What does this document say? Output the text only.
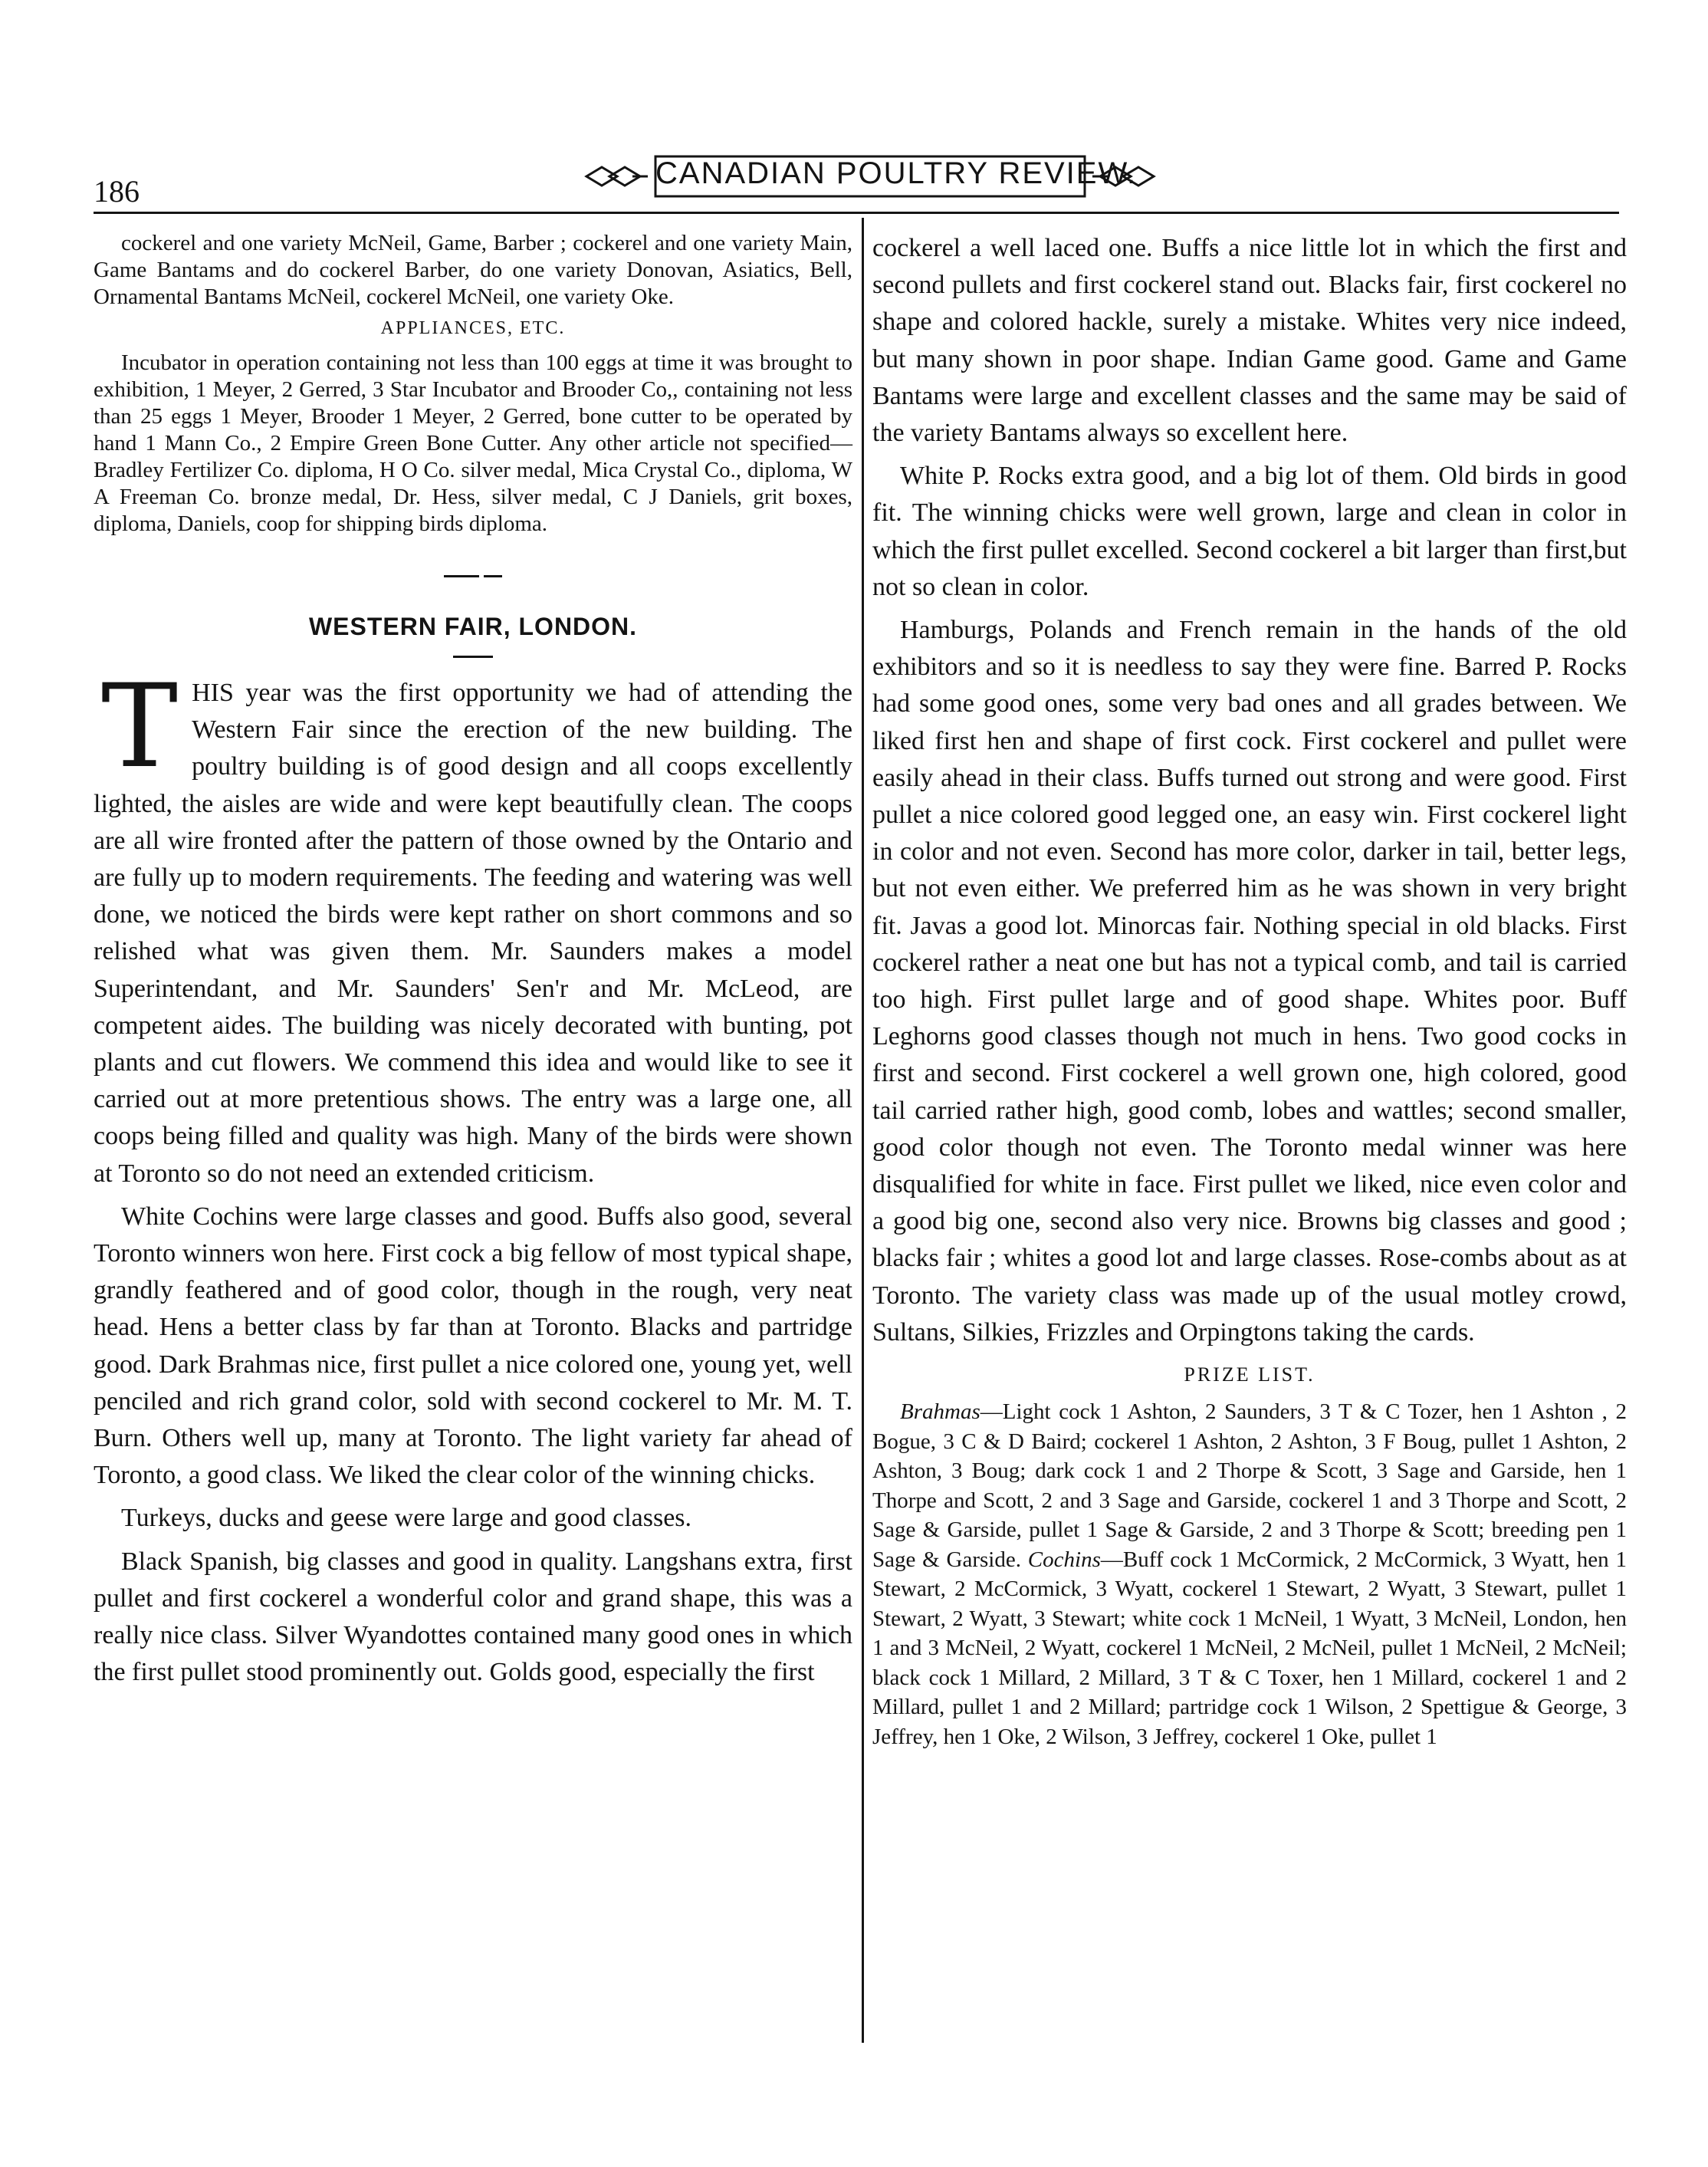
186
CANADIAN POULTRY REVIEW.

cockerel and one variety McNeil, Game, Barber ; cockerel and one variety Main, Game Bantams and do cockerel Barber, do one variety Donovan, Asiatics, Bell, Ornamental Bantams McNeil, cockerel McNeil, one variety Oke.

APPLIANCES, ETC.

Incubator in operation containing not less than 100 eggs at time it was brought to exhibition, 1 Meyer, 2 Gerred, 3 Star Incubator and Brooder Co,, containing not less than 25 eggs 1 Meyer, Brooder 1 Meyer, 2 Gerred, bone cutter to be operated by hand 1 Mann Co., 2 Empire Green Bone Cutter. Any other article not specified—Bradley Fertilizer Co. diploma, H O Co. silver medal, Mica Crystal Co., diploma, W A Freeman Co. bronze medal, Dr. Hess, silver medal, C J Daniels, grit boxes, diploma, Daniels, coop for shipping birds diploma.

WESTERN FAIR, LONDON.

THIS year was the first opportunity we had of attending the Western Fair since the erection of the new building. The poultry building is of good design and all coops excellently lighted, the aisles are wide and were kept beautifully clean. The coops are all wire fronted after the pattern of those owned by the Ontario and are fully up to modern requirements. The feeding and watering was well done, we noticed the birds were kept rather on short commons and so relished what was given them. Mr. Saunders makes a model Superintendant, and Mr. Saunders' Sen'r and Mr. McLeod, are competent aides. The building was nicely decorated with bunting, pot plants and cut flowers. We commend this idea and would like to see it carried out at more pretentious shows. The entry was a large one, all coops being filled and quality was high. Many of the birds were shown at Toronto so do not need an extended criticism.

White Cochins were large classes and good. Buffs also good, several Toronto winners won here. First cock a big fellow of most typical shape, grandly feathered and of good color, though in the rough, very neat head. Hens a better class by far than at Toronto. Blacks and partridge good. Dark Brahmas nice, first pullet a nice colored one, young yet, well penciled and rich grand color, sold with second cockerel to Mr. M. T. Burn. Others well up, many at Toronto. The light variety far ahead of Toronto, a good class. We liked the clear color of the winning chicks.

Turkeys, ducks and geese were large and good classes.

Black Spanish, big classes and good in quality. Langshans extra, first pullet and first cockerel a wonderful color and grand shape, this was a really nice class. Silver Wyandottes contained many good ones in which the first pullet stood prominently out. Golds good, especially the first

cockerel a well laced one. Buffs a nice little lot in which the first and second pullets and first cockerel stand out. Blacks fair, first cockerel no shape and colored hackle, surely a mistake. Whites very nice indeed, but many shown in poor shape. Indian Game good. Game and Game Bantams were large and excellent classes and the same may be said of the variety Bantams always so excellent here.

White P. Rocks extra good, and a big lot of them. Old birds in good fit. The winning chicks were well grown, large and clean in color in which the first pullet excelled. Second cockerel a bit larger than first,but not so clean in color.

Hamburgs, Polands and French remain in the hands of the old exhibitors and so it is needless to say they were fine. Barred P. Rocks had some good ones, some very bad ones and all grades between. We liked first hen and shape of first cock. First cockerel and pullet were easily ahead in their class. Buffs turned out strong and were good. First pullet a nice colored good legged one, an easy win. First cockerel light in color and not even. Second has more color, darker in tail, better legs, but not even either. We preferred him as he was shown in very bright fit. Javas a good lot. Minorcas fair. Nothing special in old blacks. First cockerel rather a neat one but has not a typical comb, and tail is carried too high. First pullet large and of good shape. Whites poor. Buff Leghorns good classes though not much in hens. Two good cocks in first and second. First cockerel a well grown one, high colored, good tail carried rather high, good comb, lobes and wattles; second smaller, good color though not even. The Toronto medal winner was here disqualified for white in face. First pullet we liked, nice even color and a good big one, second also very nice. Browns big classes and good ; blacks fair ; whites a good lot and large classes. Rose-combs about as at Toronto. The variety class was made up of the usual motley crowd, Sultans, Silkies, Frizzles and Orpingtons taking the cards.

PRIZE LIST.

Brahmas—Light cock 1 Ashton, 2 Saunders, 3 T & C Tozer, hen 1 Ashton , 2 Bogue, 3 C & D Baird; cockerel 1 Ashton, 2 Ashton, 3 F Boug, pullet 1 Ashton, 2 Ashton, 3 Boug; dark cock 1 and 2 Thorpe & Scott, 3 Sage and Garside, hen 1 Thorpe and Scott, 2 and 3 Sage and Garside, cockerel 1 and 3 Thorpe and Scott, 2 Sage & Garside, pullet 1 Sage & Garside, 2 and 3 Thorpe & Scott; breeding pen 1 Sage & Garside. Cochins—Buff cock 1 McCormick, 2 McCormick, 3 Wyatt, hen 1 Stewart, 2 McCormick, 3 Wyatt, cockerel 1 Stewart, 2 Wyatt, 3 Stewart, pullet 1 Stewart, 2 Wyatt, 3 Stewart; white cock 1 McNeil, 1 Wyatt, 3 McNeil, London, hen 1 and 3 McNeil, 2 Wyatt, cockerel 1 McNeil, 2 McNeil, pullet 1 McNeil, 2 McNeil; black cock 1 Millard, 2 Millard, 3 T & C Toxer, hen 1 Millard, cockerel 1 and 2 Millard, pullet 1 and 2 Millard; partridge cock 1 Wilson, 2 Spettigue & George, 3 Jeffrey, hen 1 Oke, 2 Wilson, 3 Jeffrey, cockerel 1 Oke, pullet 1
